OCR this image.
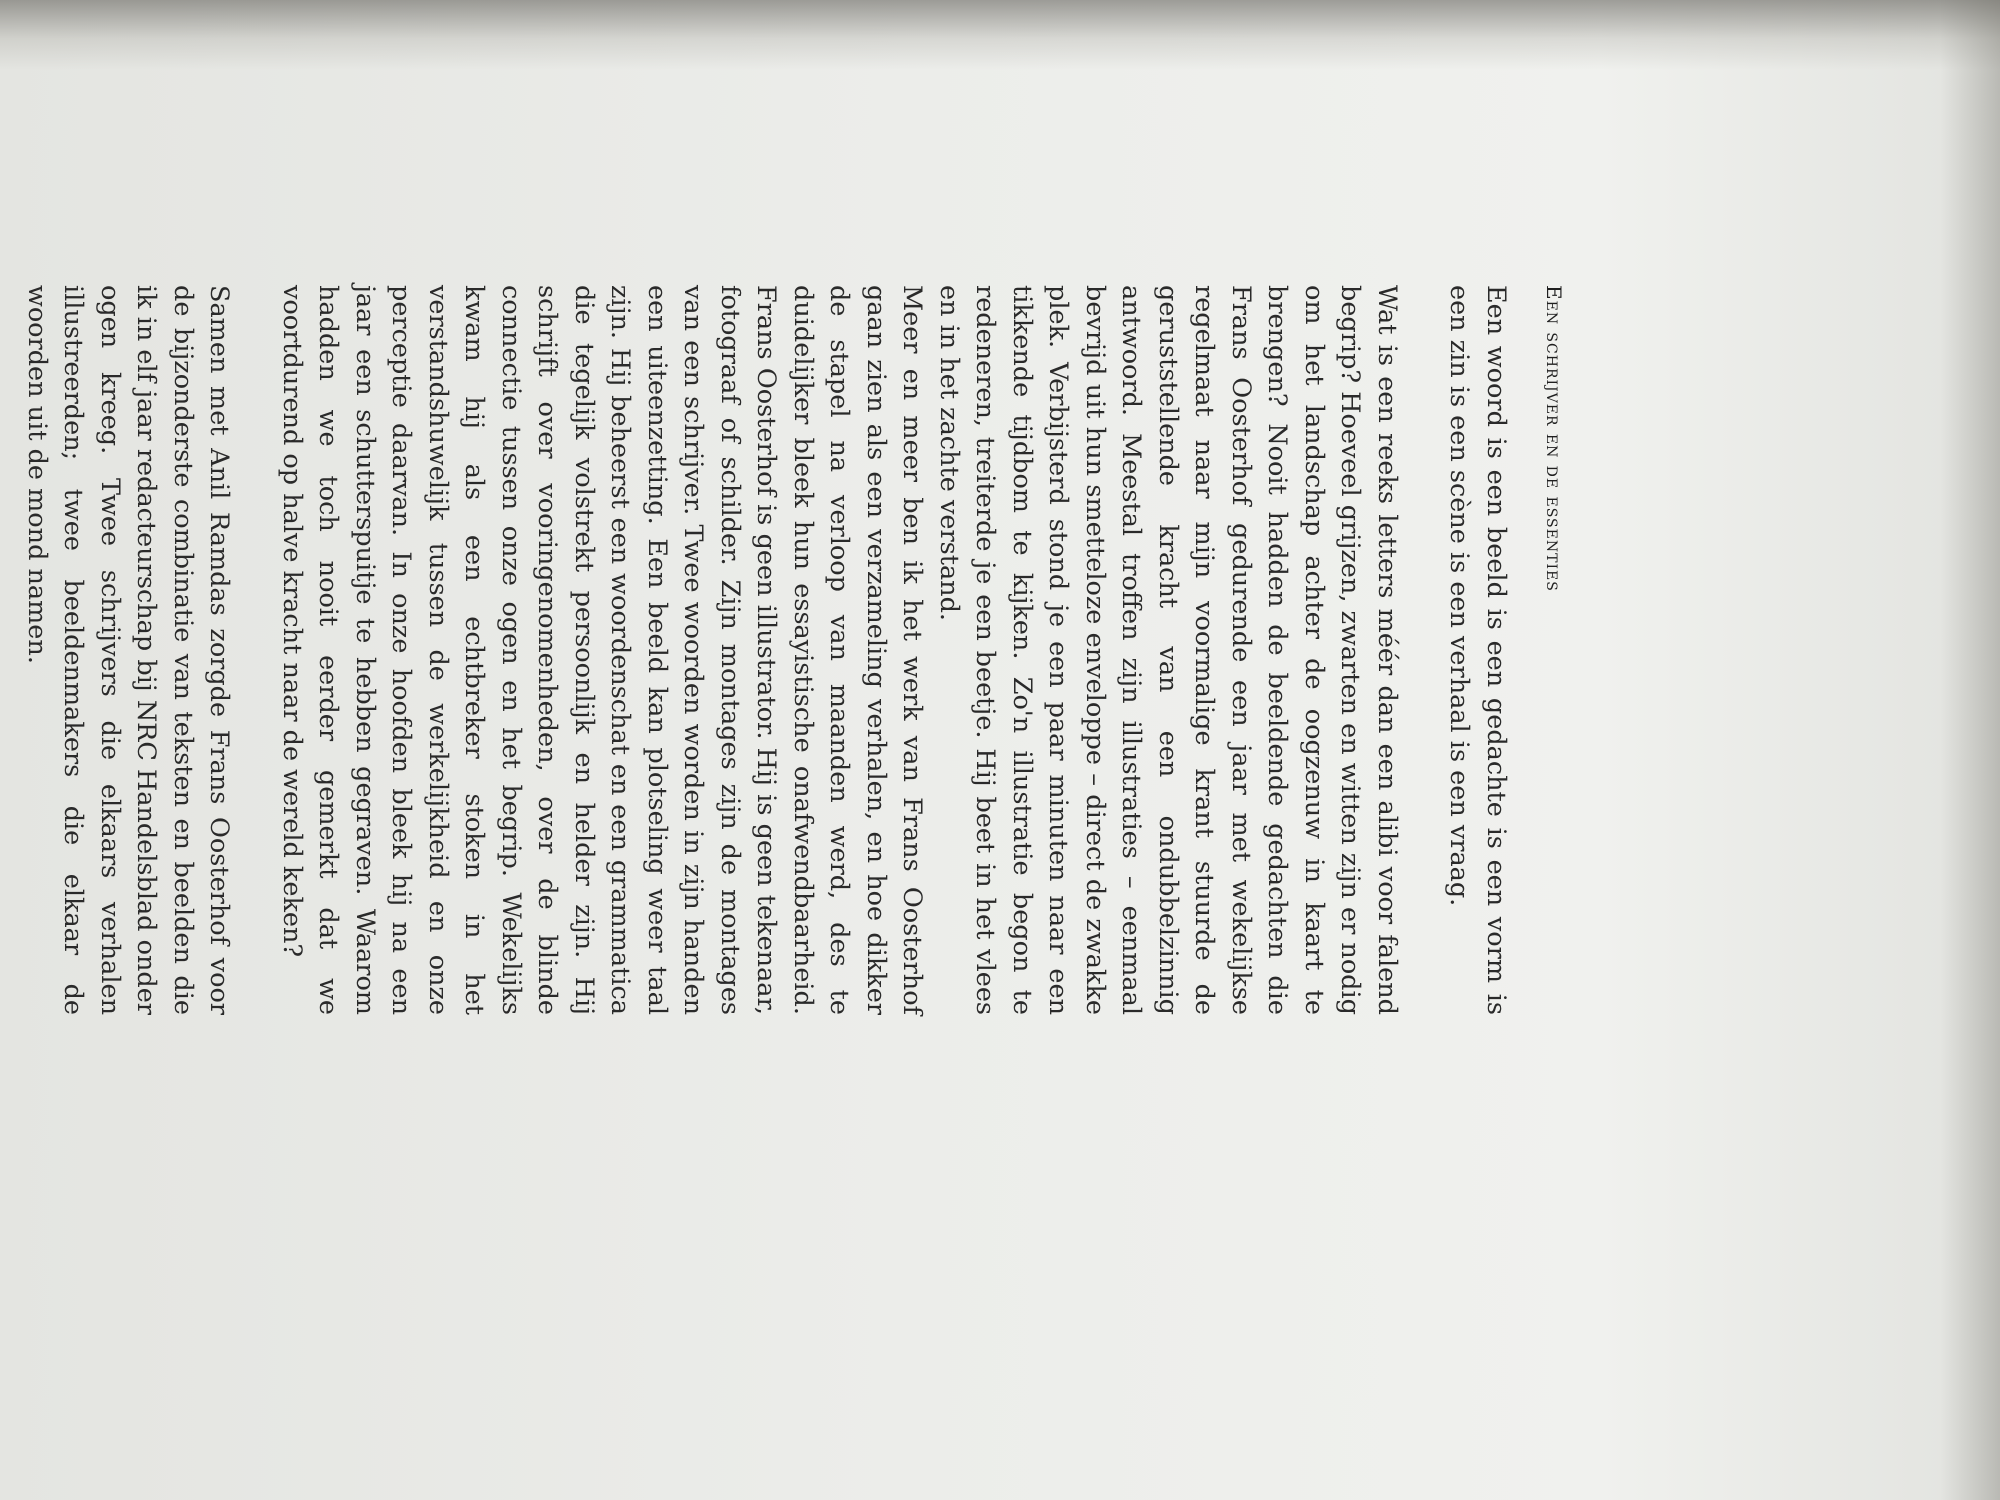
Een schrijver en de essenties

Een woord is een beeld is een gedachte is een vorm is een zin is een scène is een verhaal is een vraag.

Wat is een reeks letters méér dan een alibi voor falend begrip? Hoeveel grijzen, zwarten en witten zijn er nodig om het landschap achter de oogzenuw in kaart te brengen? Nooit hadden de beeldende gedachten die Frans Oosterhof gedurende een jaar met wekelijkse regelmaat naar mijn voormalige krant stuurde de geruststellende kracht van een ondubbelzinnig antwoord. Meestal troffen zijn illustraties – eenmaal bevrijd uit hun smetteloze enveloppe – direct de zwakke plek. Verbijsterd stond je een paar minuten naar een tikkende tijdbom te kijken. Zo'n illustratie begon te redeneren, treiterde je een beetje. Hij beet in het vlees en in het zachte verstand.

Meer en meer ben ik het werk van Frans Oosterhof gaan zien als een verzameling verhalen, en hoe dikker de stapel na verloop van maanden werd, des te duidelijker bleek hun essayistische onafwendbaarheid. Frans Oosterhof is geen illustrator. Hij is geen tekenaar, fotograaf of schilder. Zijn montages zijn de montages van een schrijver. Twee woorden worden in zijn handen een uiteenzetting. Een beeld kan plotseling weer taal zijn. Hij beheerst een woordenschat en een grammatica die tegelijk volstrekt persoonlijk en helder zijn. Hij schrijft over vooringenomenheden, over de blinde connectie tussen onze ogen en het begrip. Wekelijks kwam hij als een echtbreker stoken in het verstandshuwelijk tussen de werkelijkheid en onze perceptie daarvan. In onze hoofden bleek hij na een jaar een schutterspuitje te hebben gegraven. Waarom hadden we toch nooit eerder gemerkt dat we voortdurend op halve kracht naar de wereld keken?

Samen met Anil Ramdas zorgde Frans Oosterhof voor de bijzonderste combinatie van teksten en beelden die ik in elf jaar redacteurschap bij NRC Handelsblad onder ogen kreeg. Twee schrijvers die elkaars verhalen illustreerden; twee beeldenmakers die elkaar de woorden uit de mond namen.
